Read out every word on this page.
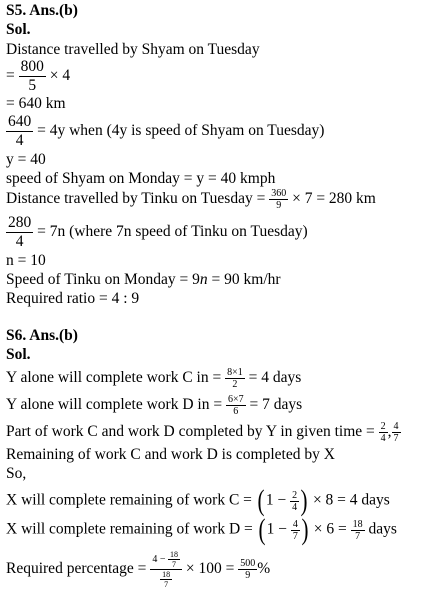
S5. Ans.(b)
Sol.
Distance travelled by Shyam on Tuesday
= $\frac{800}{5} \times 4$
= 640 km
$\frac{640}{4} = 4y$ when (4y is speed of Shyam on Tuesday)
y = 40
speed of Shyam on Monday = y = 40 kmph
Distance travelled by Tinku on Tuesday = $\frac{360}{9} \times 7 = 280$ km
$\frac{280}{4} = 7n$ (where 7n speed of Tinku on Tuesday)
n = 10
Speed of Tinku on Monday = 9n = 90 km/hr
Required ratio = 4 : 9
S6. Ans.(b)
Sol.
Y alone will complete work C in = $\frac{8\times 1}{2} = 4$ days
Y alone will complete work D in = $\frac{6\times 7}{6} = 7$ days
Part of work C and work D completed by Y in given time = $\frac{2}{4}$ , $\frac{4}{7}$
Remaining of work C and work D is completed by X
So,
X will complete remaining of work $C = (1 - \frac{2}{4}$ ) × 8 = 4 days
X will complete remaining of work $D = (1 - \frac{4}{7}$ ) × $6 = \frac{18}{7}$ days
Required percentage = $\frac{4 - \frac{18}{7}}{\frac{18}{7}} \times 100 = \frac{500}{9}$ %
